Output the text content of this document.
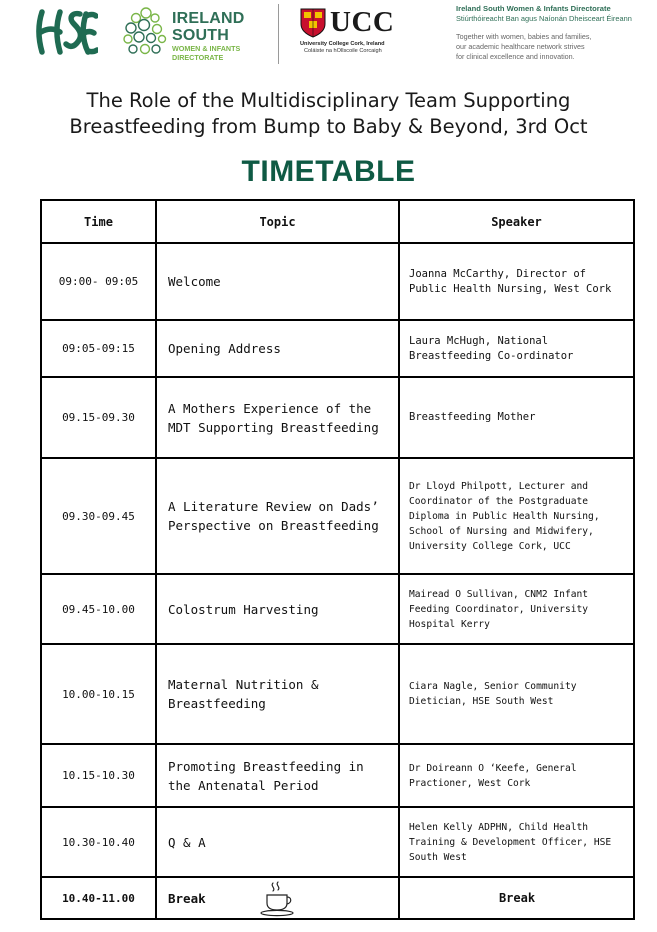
IRELAND
SOUTH
WOMEN & INFANTS
DIRECTORATE
UCC
University College Cork, Ireland
Coláiste na hOllscoile Corcaigh
Ireland South Women & Infants Directorate
Stiúrthóireacht Ban agus Naíonán Dheisceart Éireann
Together with women, babies and families,
our academic healthcare network strives
for clinical excellence and innovation.
The Role of the Multidisciplinary Team Supporting
Breastfeeding from Bump to Baby & Beyond, 3rd Oct
TIMETABLE
Time	Topic	Speaker
09:00- 09:05	Welcome	Joanna McCarthy, Director of Public Health Nursing, West Cork
09:05-09:15	Opening Address	Laura McHugh, National Breastfeeding Co-ordinator
09.15-09.30	A Mothers Experience of the MDT Supporting Breastfeeding	Breastfeeding Mother
09.30-09.45	A Literature Review on Dads’ Perspective on Breastfeeding	Dr Lloyd Philpott, Lecturer and Coordinator of the Postgraduate Diploma in Public Health Nursing, School of Nursing and Midwifery, University College Cork, UCC
09.45-10.00	Colostrum Harvesting	Mairead O Sullivan, CNM2 Infant Feeding Coordinator, University Hospital Kerry
10.00-10.15	Maternal Nutrition & Breastfeeding	Ciara Nagle, Senior Community Dietician, HSE South West
10.15-10.30	Promoting Breastfeeding in the Antenatal Period	Dr Doireann O ‘Keefe, General Practioner, West Cork
10.30-10.40	Q & A	Helen Kelly ADPHN, Child Health Training & Development Officer, HSE South West
10.40-11.00	Break	Break
